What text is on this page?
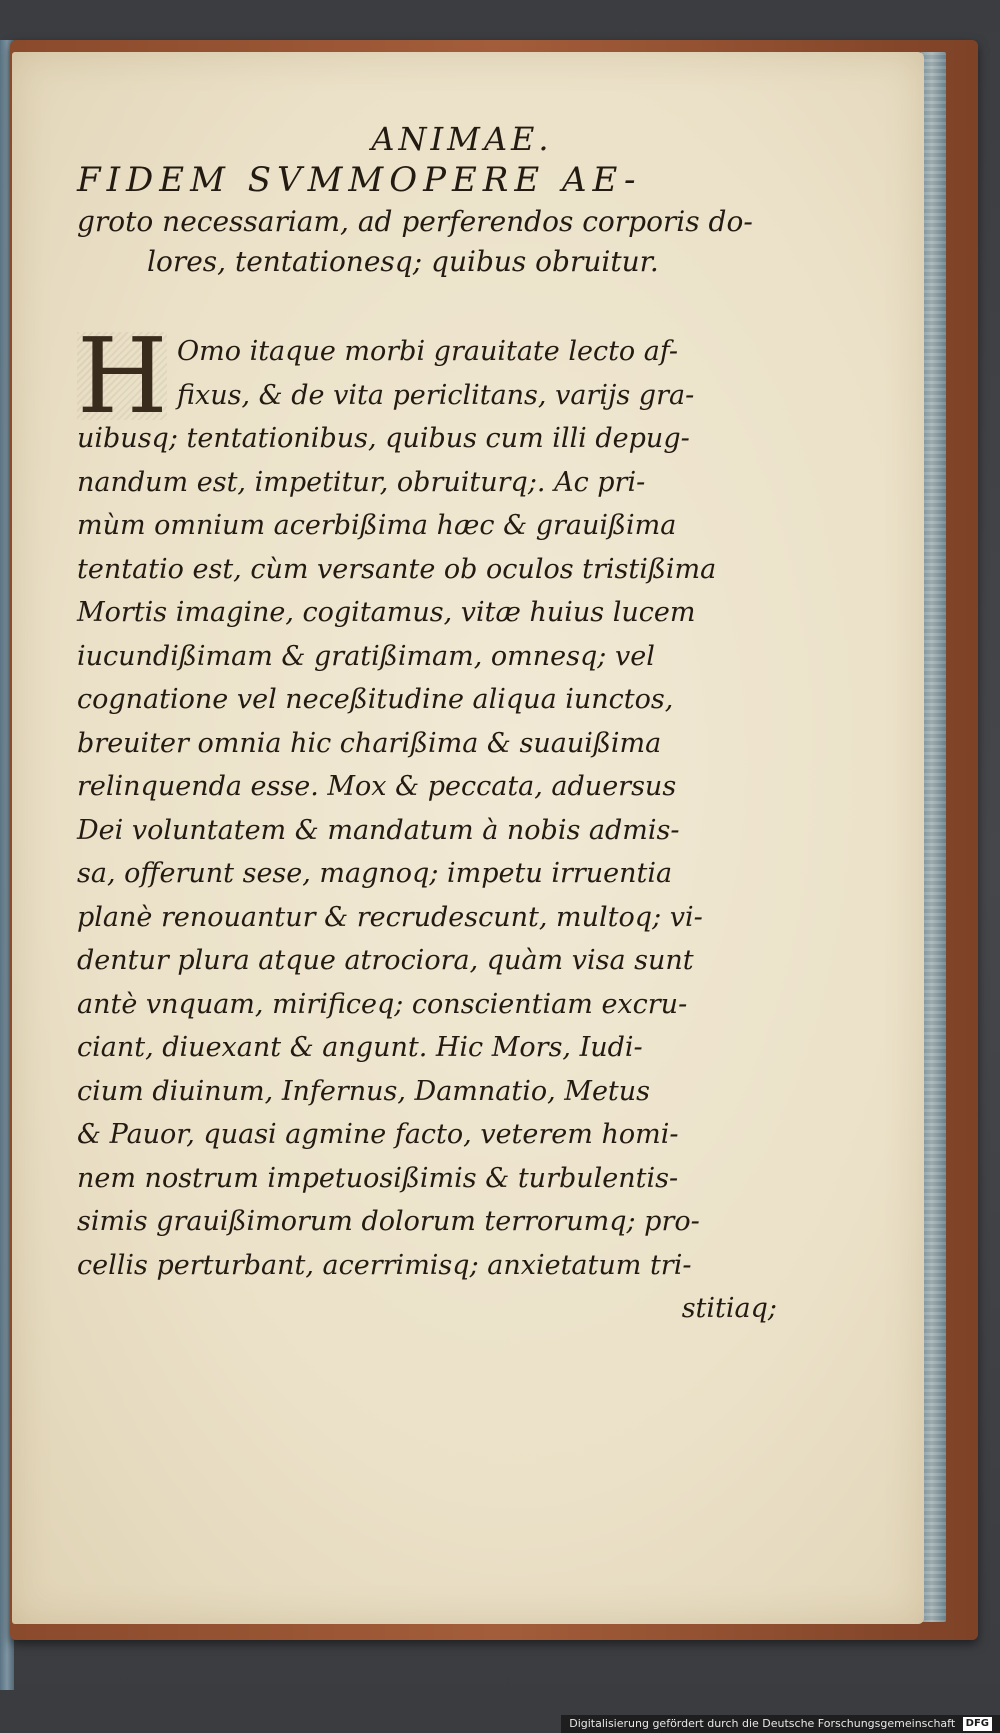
ANIMAE.
FIDEM SVMMOPERE AE-
groto necessariam, ad perferendos corporis do-
lores, tentationesq; quibus obruitur.
H Omo itaque morbi grauitate lecto af-
fixus, & de vita periclitans, varijs gra-
uibusq; tentationibus, quibus cum illi depug-
nandum est, impetitur, obruiturq;. Ac pri-
mùm omnium acerbißima hæc & grauißima
tentatio est, cùm versante ob oculos tristißima
Mortis imagine, cogitamus, vitæ huius lucem
iucundißimam & gratißimam, omnesq; vel
cognatione vel neceßitudine aliqua iunctos,
breuiter omnia hic charißima & suauißima
relinquenda esse. Mox & peccata, aduersus
Dei voluntatem & mandatum à nobis admis-
sa, offerunt sese, magnoq; impetu irruentia
planè renouantur & recrudescunt, multoq; vi-
dentur plura atque atrociora, quàm visa sunt
antè vnquam, mirificeq; conscientiam excru-
ciant, diuexant & angunt. Hic Mors, Iudi-
cium diuinum, Infernus, Damnatio, Metus
& Pauor, quasi agmine facto, veterem homi-
nem nostrum impetuosißimis & turbulentis-
simis grauißimorum dolorum terrorumq; pro-
cellis perturbant, acerrimisq; anxietatum tri-
stitiaq;
Digitalisierung gefördert durch die Deutsche Forschungsgemeinschaft DFG
